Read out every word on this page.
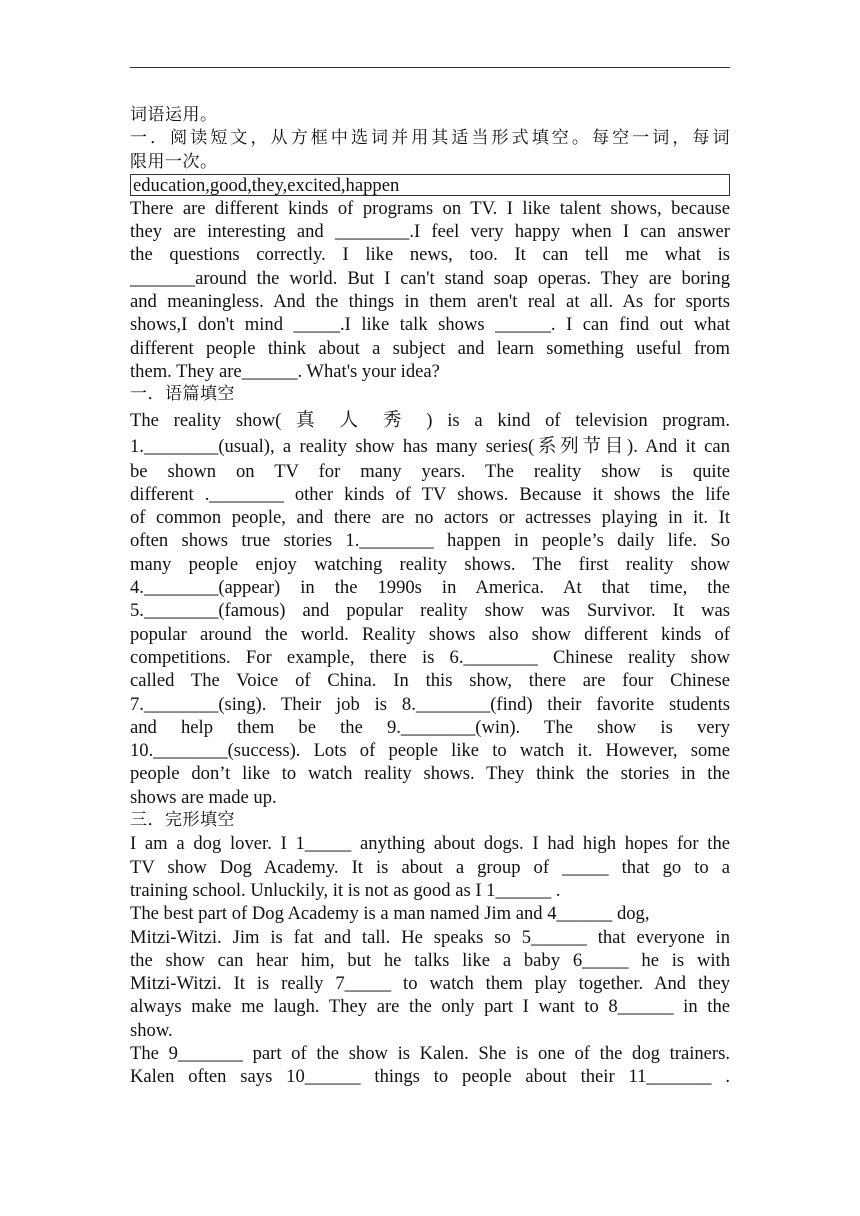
词语运用。
一．阅读短文，从方框中选词并用其适当形式填空。每空一词，每词
限用一次。
education,good,they,excited,happen
There are different kinds of programs on TV. I like talent shows, because
they are interesting and ________.I feel very happy when I can answer
the questions correctly. I like news, too. It can tell me what is
_______around the world. But I can't stand soap operas. They are boring
and meaningless. And the things in them aren't real at all. As for sports
shows,I don't mind _____.I like talk shows ______. I can find out what
different people think about a subject and learn something useful from
them. They are______. What's your idea?
一．语篇填空
The reality show( 真 人 秀 ) is a kind of television program.
1.________(usual), a reality show has many series(系列节目). And it can
be shown on TV for many years. The reality show is quite
different .________ other kinds of TV shows. Because it shows the life
of common people, and there are no actors or actresses playing in it. It
often shows true stories 1.________ happen in people’s daily life. So
many people enjoy watching reality shows. The first reality show
4.________(appear) in the 1990s in America. At that time, the
5.________(famous) and popular reality show was Survivor. It was
popular around the world. Reality shows also show different kinds of
competitions. For example, there is 6.________ Chinese reality show
called The Voice of China. In this show, there are four Chinese
7.________(sing). Their job is 8.________(find) their favorite students
and help them be the 9.________(win). The show is very
10.________(success). Lots of people like to watch it. However, some
people don’t like to watch reality shows. They think the stories in the
shows are made up.
三．完形填空
I am a dog lover. I 1_____ anything about dogs. I had high hopes for the
TV show Dog Academy. It is about a group of _____ that go to a
training school. Unluckily, it is not as good as I 1______ .
The best part of Dog Academy is a man named Jim and 4______ dog,
Mitzi-Witzi. Jim is fat and tall. He speaks so 5______ that everyone in
the show can hear him, but he talks like a baby 6_____ he is with
Mitzi-Witzi. It is really 7_____ to watch them play together. And they
always make me laugh. They are the only part I want to 8______ in the
show.
The 9_______ part of the show is Kalen. She is one of the dog trainers.
Kalen often says 10______ things to people about their 11_______ .
